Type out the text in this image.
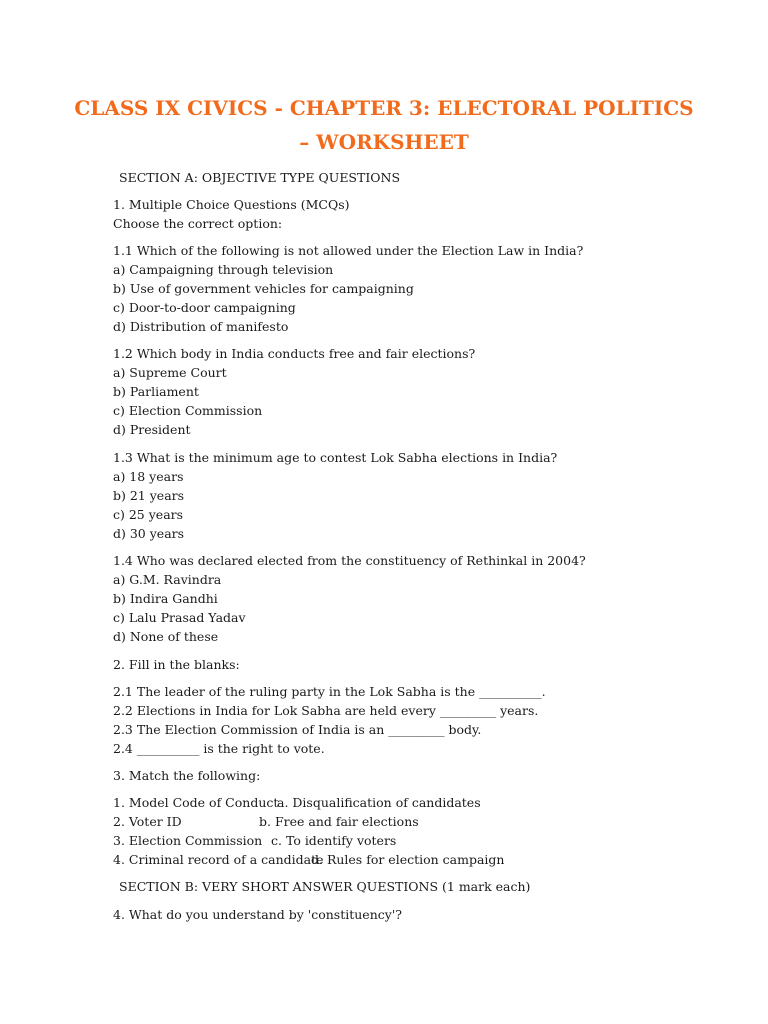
CLASS IX CIVICS - CHAPTER 3: ELECTORAL POLITICS
– WORKSHEET
SECTION A: OBJECTIVE TYPE QUESTIONS
1. Multiple Choice Questions (MCQs)
Choose the correct option:
1.1 Which of the following is not allowed under the Election Law in India?
a) Campaigning through television
b) Use of government vehicles for campaigning
c) Door-to-door campaigning
d) Distribution of manifesto
1.2 Which body in India conducts free and fair elections?
a) Supreme Court
b) Parliament
c) Election Commission
d) President
1.3 What is the minimum age to contest Lok Sabha elections in India?
a) 18 years
b) 21 years
c) 25 years
d) 30 years
1.4 Who was declared elected from the constituency of Rethinkal in 2004?
a) G.M. Ravindra
b) Indira Gandhi
c) Lalu Prasad Yadav
d) None of these
2. Fill in the blanks:
2.1 The leader of the ruling party in the Lok Sabha is the __________.
2.2 Elections in India for Lok Sabha are held every _________ years.
2.3 The Election Commission of India is an _________ body.
2.4 __________ is the right to vote.
3. Match the following:
1. Model Code of Conduct
a. Disqualification of candidates
2. Voter ID	b. Free and fair elections
3. Election Commission c. To identify voters
4. Criminal record of a candidate
d. Rules for election campaign
SECTION B: VERY SHORT ANSWER QUESTIONS (1 mark each)
4. What do you understand by 'constituency'?
